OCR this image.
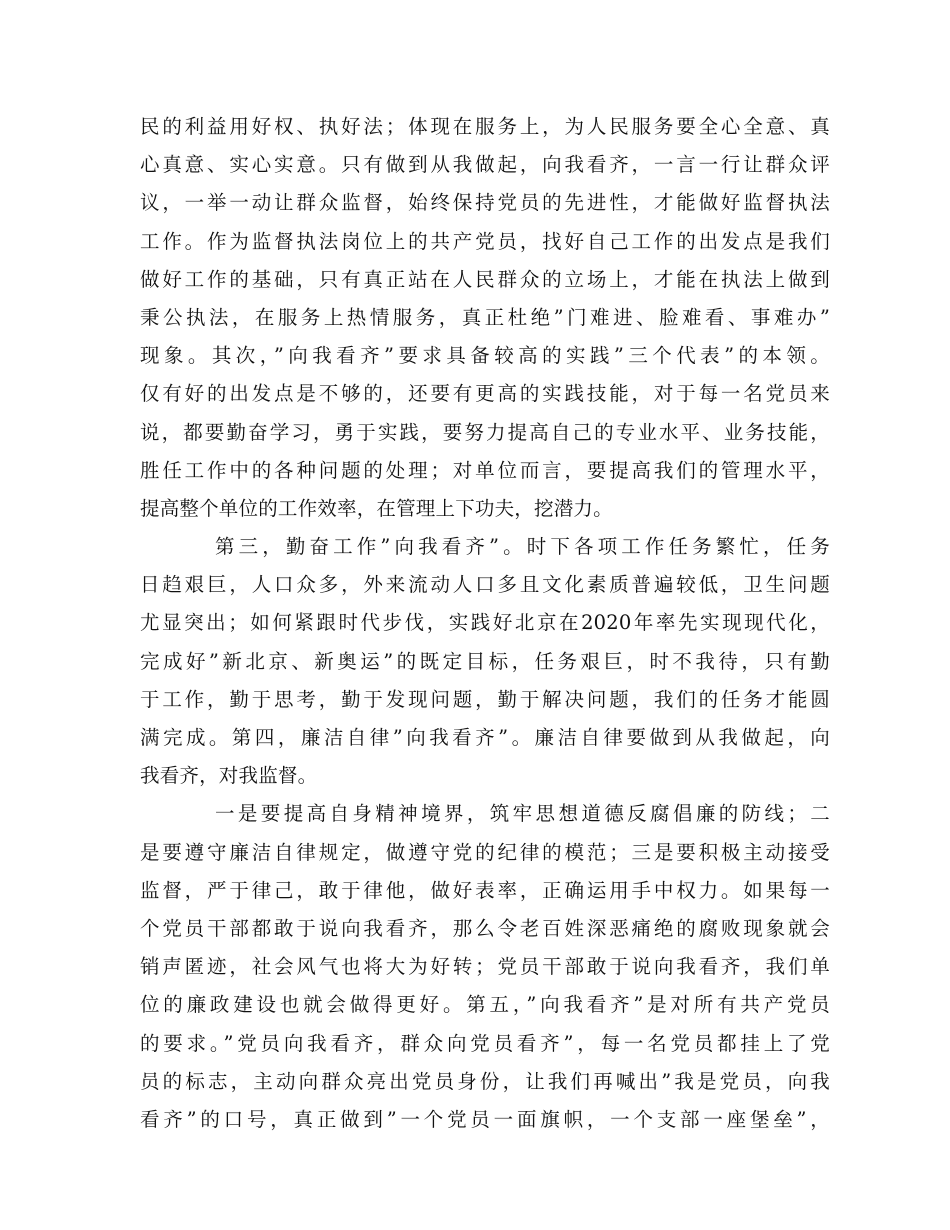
民的利益用好权、执好法；体现在服务上，为人民服务要全心全意、真
心真意、实心实意。只有做到从我做起，向我看齐，一言一行让群众评
议，一举一动让群众监督，始终保持党员的先进性，才能做好监督执法
工作。作为监督执法岗位上的共产党员，找好自己工作的出发点是我们
做好工作的基础，只有真正站在人民群众的立场上，才能在执法上做到
秉公执法，在服务上热情服务，真正杜绝”门难进、脸难看、事难办”
现象。其次，”向我看齐”要求具备较高的实践”三个代表”的本领。
仅有好的出发点是不够的，还要有更高的实践技能，对于每一名党员来
说，都要勤奋学习，勇于实践，要努力提高自己的专业水平、业务技能，
胜任工作中的各种问题的处理；对单位而言，要提高我们的管理水平，
提高整个单位的工作效率，在管理上下功夫，挖潜力。
第三，勤奋工作”向我看齐”。时下各项工作任务繁忙，任务
日趋艰巨，人口众多，外来流动人口多且文化素质普遍较低，卫生问题
尤显突出；如何紧跟时代步伐，实践好北京在2020年率先实现现代化，
完成好”新北京、新奥运”的既定目标，任务艰巨，时不我待，只有勤
于工作，勤于思考，勤于发现问题，勤于解决问题，我们的任务才能圆
满完成。第四，廉洁自律”向我看齐”。廉洁自律要做到从我做起，向
我看齐，对我监督。
一是要提高自身精神境界，筑牢思想道德反腐倡廉的防线；二
是要遵守廉洁自律规定，做遵守党的纪律的模范；三是要积极主动接受
监督，严于律己，敢于律他，做好表率，正确运用手中权力。如果每一
个党员干部都敢于说向我看齐，那么令老百姓深恶痛绝的腐败现象就会
销声匿迹，社会风气也将大为好转；党员干部敢于说向我看齐，我们单
位的廉政建设也就会做得更好。第五，”向我看齐”是对所有共产党员
的要求。”党员向我看齐，群众向党员看齐”，每一名党员都挂上了党
员的标志，主动向群众亮出党员身份，让我们再喊出”我是党员，向我
看齐”的口号，真正做到”一个党员一面旗帜，一个支部一座堡垒”，
